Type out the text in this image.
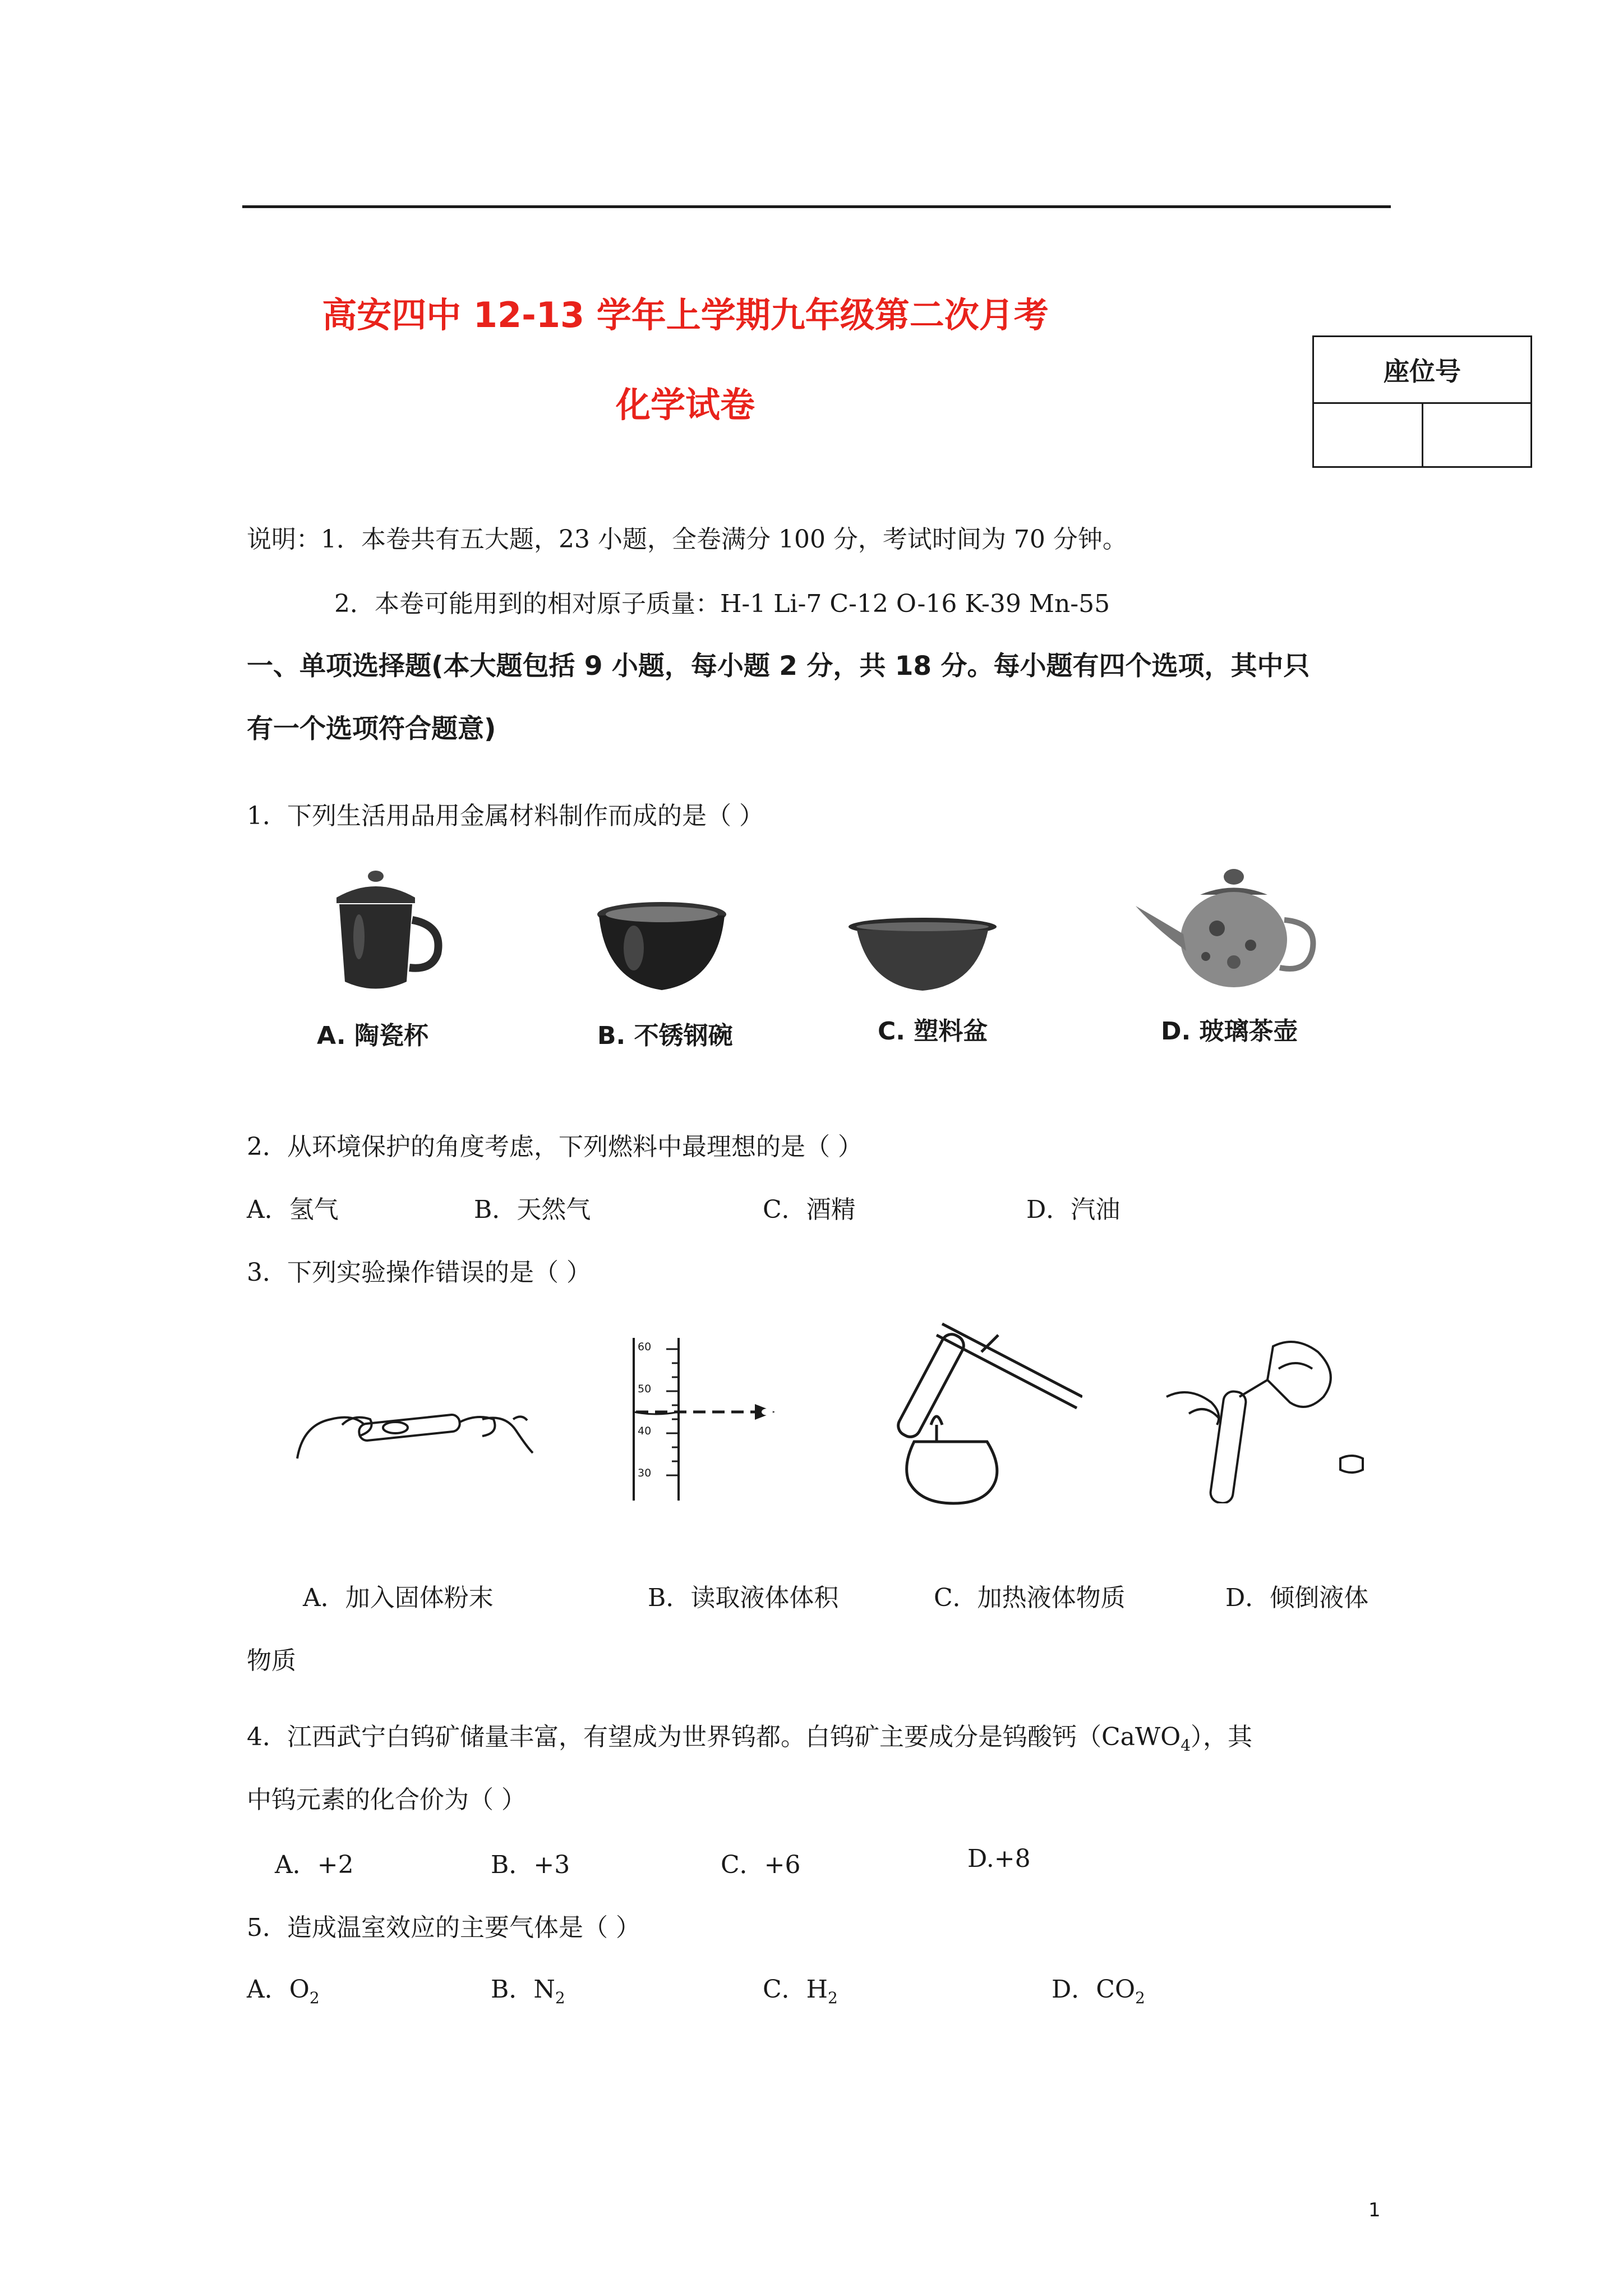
高安四中 12-13 学年上学期九年级第二次月考
化学试卷
座位号
说明：1．本卷共有五大题，23 小题，全卷满分 100 分，考试时间为 70 分钟。
2．本卷可能用到的相对原子质量：H-1 Li-7 C-12 O-16 K-39 Mn-55
一、单项选择题(本大题包括 9 小题，每小题 2 分，共 18 分。每小题有四个选项，其中只
有一个选项符合题意)
1．下列生活用品用金属材料制作而成的是（ ）
A. 陶瓷杯	B. 不锈钢碗	C. 塑料盆	D. 玻璃茶壶
2．从环境保护的角度考虑，下列燃料中最理想的是（ ）
A．氢气	B．天然气	C．酒精	D．汽油
3．下列实验操作错误的是（ ）
60
50
40
30
A．加入固体粉末	B．读取液体体积	C．加热液体物质	D．倾倒液体
物质
4．江西武宁白钨矿储量丰富，有望成为世界钨都。白钨矿主要成分是钨酸钙（CaWO$_4$），其
中钨元素的化合价为（ ）
A．+2	B．+3	C．+6	D.+8
5．造成温室效应的主要气体是（ ）
A．$O_2$	B．$N_2$	C．$H_2$	D．$CO_2$
1
